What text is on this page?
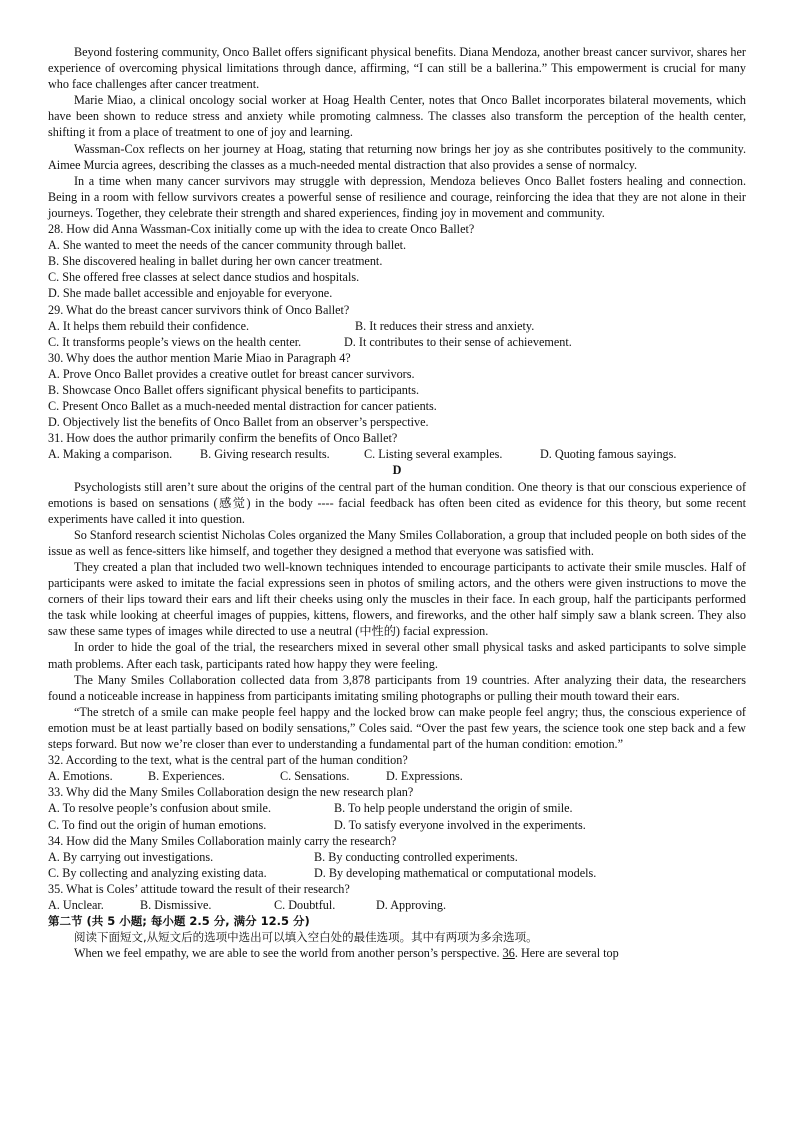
Beyond fostering community, Onco Ballet offers significant physical benefits. Diana Mendoza, another breast cancer survivor, shares her experience of overcoming physical limitations through dance, affirming, “I can still be a ballerina.” This empowerment is crucial for many who face challenges after cancer treatment.

Marie Miao, a clinical oncology social worker at Hoag Health Center, notes that Onco Ballet incorporates bilateral movements, which have been shown to reduce stress and anxiety while promoting calmness. The classes also transform the perception of the health center, shifting it from a place of treatment to one of joy and learning.

Wassman-Cox reflects on her journey at Hoag, stating that returning now brings her joy as she contributes positively to the community. Aimee Murcia agrees, describing the classes as a much-needed mental distraction that also provides a sense of normalcy.

In a time when many cancer survivors may struggle with depression, Mendoza believes Onco Ballet fosters healing and connection. Being in a room with fellow survivors creates a powerful sense of resilience and courage, reinforcing the idea that they are not alone in their journeys. Together, they celebrate their strength and shared experiences, finding joy in movement and community.

28. How did Anna Wassman-Cox initially come up with the idea to create Onco Ballet?

A. She wanted to meet the needs of the cancer community through ballet.

B. She discovered healing in ballet during her own cancer treatment.

C. She offered free classes at select dance studios and hospitals.

D. She made ballet accessible and enjoyable for everyone.

29. What do the breast cancer survivors think of Onco Ballet?

A. It helps them rebuild their confidence.	B. It reduces their stress and anxiety.
C. It transforms people’s views on the health center.	D. It contributes to their sense of achievement.

30. Why does the author mention Marie Miao in Paragraph 4?

A. Prove Onco Ballet provides a creative outlet for breast cancer survivors.

B. Showcase Onco Ballet offers significant physical benefits to participants.

C. Present Onco Ballet as a much-needed mental distraction for cancer patients.

D. Objectively list the benefits of Onco Ballet from an observer’s perspective.

31. How does the author primarily confirm the benefits of Onco Ballet?

A. Making a comparison.	B. Giving research results.	C. Listing several examples.	D. Quoting famous sayings.

D

Psychologists still aren’t sure about the origins of the central part of the human condition. One theory is that our conscious experience of emotions is based on sensations (感觉) in the body ---- facial feedback has often been cited as evidence for this theory, but some recent experiments have called it into question.

So Stanford research scientist Nicholas Coles organized the Many Smiles Collaboration, a group that included people on both sides of the issue as well as fence-sitters like himself, and together they designed a method that everyone was satisfied with.

They created a plan that included two well-known techniques intended to encourage participants to activate their smile muscles. Half of participants were asked to imitate the facial expressions seen in photos of smiling actors, and the others were given instructions to move the corners of their lips toward their ears and lift their cheeks using only the muscles in their face. In each group, half the participants performed the task while looking at cheerful images of puppies, kittens, flowers, and fireworks, and the other half simply saw a blank screen. They also saw these same types of images while directed to use a neutral (中性的) facial expression.

In order to hide the goal of the trial, the researchers mixed in several other small physical tasks and asked participants to solve simple math problems. After each task, participants rated how happy they were feeling.

The Many Smiles Collaboration collected data from 3,878 participants from 19 countries. After analyzing their data, the researchers found a noticeable increase in happiness from participants imitating smiling photographs or pulling their mouth toward their ears.

“The stretch of a smile can make people feel happy and the locked brow can make people feel angry; thus, the conscious experience of emotion must be at least partially based on bodily sensations,” Coles said. “Over the past few years, the science took one step back and a few steps forward. But now we’re closer than ever to understanding a fundamental part of the human condition: emotion.”

32. According to the text, what is the central part of the human condition?

A. Emotions.	B. Experiences.	C. Sensations.	D. Expressions.

33. Why did the Many Smiles Collaboration design the new research plan?

A. To resolve people’s confusion about smile.	B. To help people understand the origin of smile.
C. To find out the origin of human emotions.	D. To satisfy everyone involved in the experiments.

34. How did the Many Smiles Collaboration mainly carry the research?

A. By carrying out investigations.	B. By conducting controlled experiments.
C. By collecting and analyzing existing data.	D. By developing mathematical or computational models.

35. What is Coles’ attitude toward the result of their research?

A. Unclear.	B. Dismissive.	C. Doubtful.	D. Approving.

第二节 (共 5 小题; 每小题 2.5 分, 满分 12.5 分)

阅读下面短文,从短文后的选项中选出可以填入空白处的最佳选项。其中有两项为多余选项。

When we feel empathy, we are able to see the world from another person’s perspective. 36. Here are several top
